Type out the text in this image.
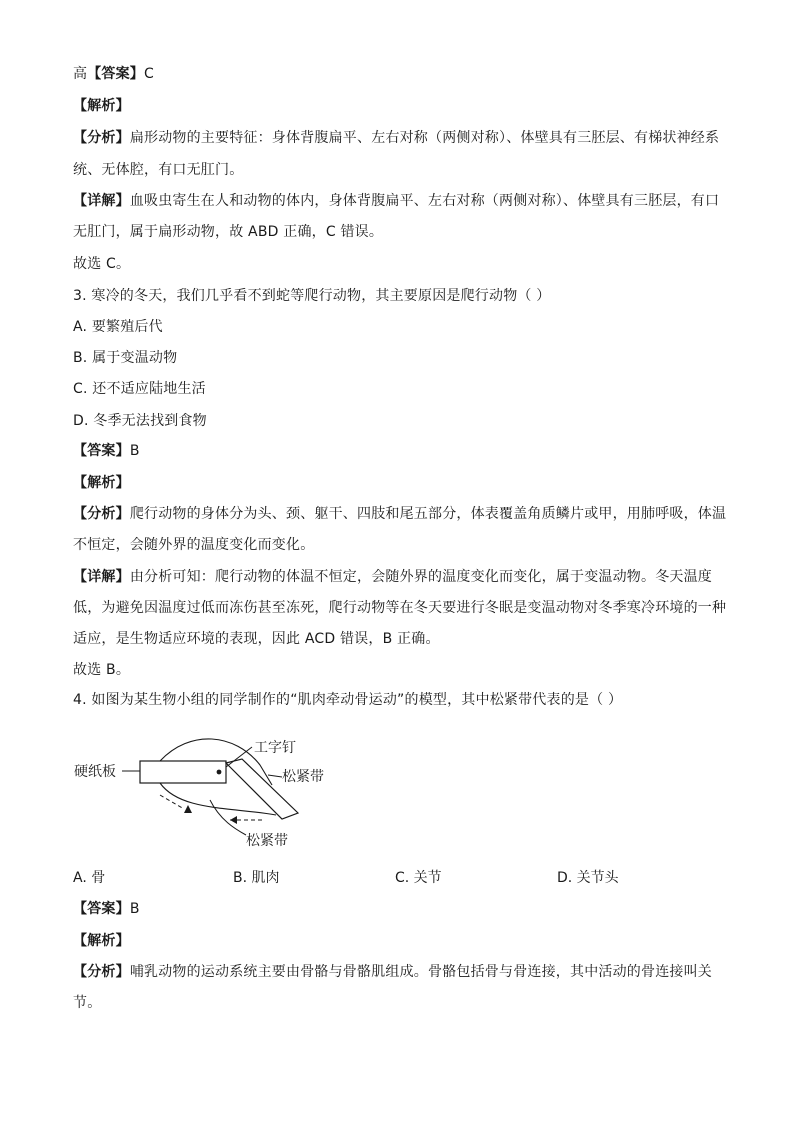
高【答案】C
【解析】
【分析】扁形动物的主要特征：身体背腹扁平、左右对称（两侧对称）、体壁具有三胚层、有梯状神经系
统、无体腔，有口无肛门。
【详解】血吸虫寄生在人和动物的体内，身体背腹扁平、左右对称（两侧对称）、体壁具有三胚层，有口
无肛门，属于扁形动物，故 ABD 正确，C 错误。
故选 C。
3. 寒冷的冬天，我们几乎看不到蛇等爬行动物，其主要原因是爬行动物（ ）
A. 要繁殖后代
B. 属于变温动物
C. 还不适应陆地生活
D. 冬季无法找到食物
【答案】B
【解析】
【分析】爬行动物的身体分为头、颈、躯干、四肢和尾五部分，体表覆盖角质鳞片或甲，用肺呼吸，体温
不恒定，会随外界的温度变化而变化。
【详解】由分析可知：爬行动物的体温不恒定，会随外界的温度变化而变化，属于变温动物。冬天温度
低，为避免因温度过低而冻伤甚至冻死，爬行动物等在冬天要进行冬眠是变温动物对冬季寒冷环境的一种
适应，是生物适应环境的表现，因此 ACD 错误，B 正确。
故选 B。
4. 如图为某生物小组的同学制作的“肌肉牵动骨运动”的模型，其中松紧带代表的是（ ）
硬纸板
工字钉
松紧带
松紧带
A. 骨	B. 肌肉	C. 关节	D. 关节头
【答案】B
【解析】
【分析】哺乳动物的运动系统主要由骨骼与骨骼肌组成。骨骼包括骨与骨连接，其中活动的骨连接叫关
节。
